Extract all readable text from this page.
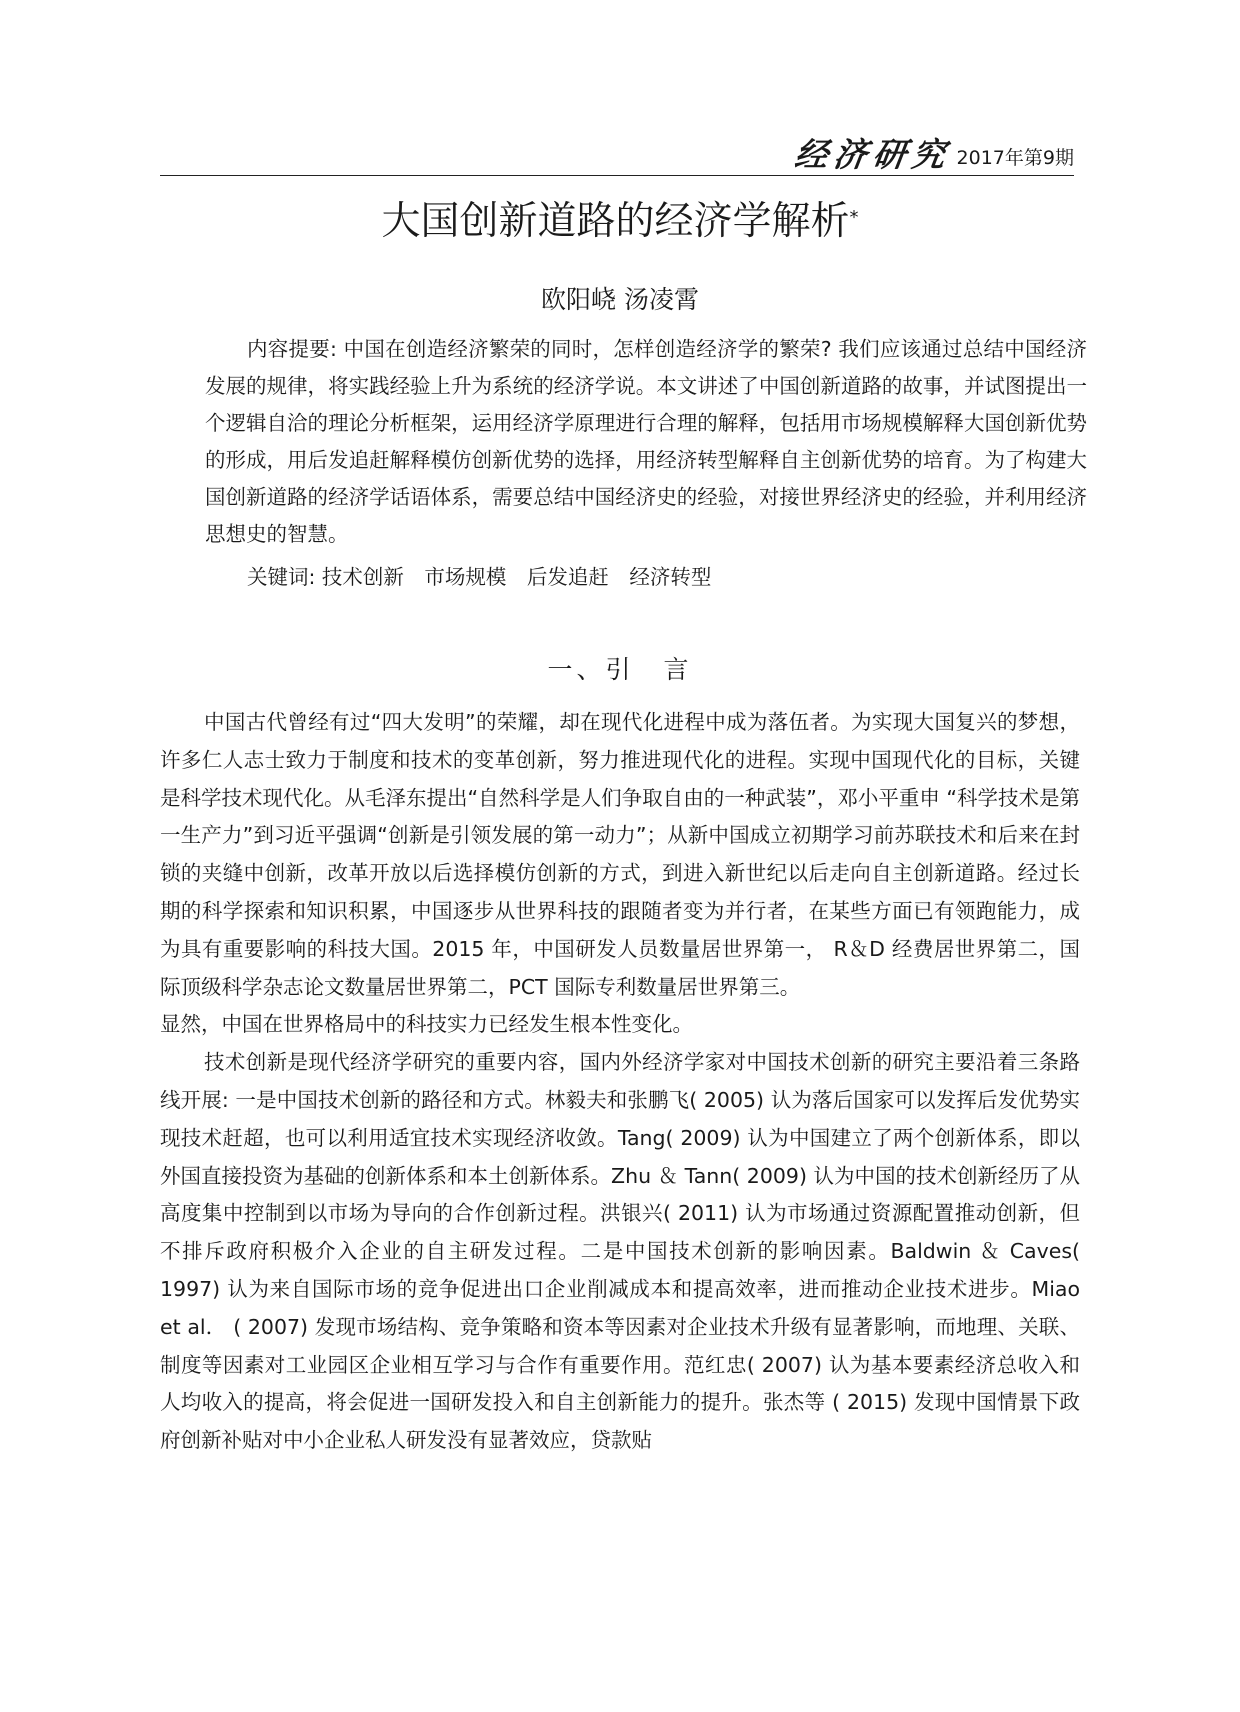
经济研究 2017年第9期
大国创新道路的经济学解析*
欧阳峣 汤凌霄

内容提要: 中国在创造经济繁荣的同时，怎样创造经济学的繁荣? 我们应该通过总结中国经济发展的规律，将实践经验上升为系统的经济学说。本文讲述了中国创新道路的故事，并试图提出一个逻辑自洽的理论分析框架，运用经济学原理进行合理的解释，包括用市场规模解释大国创新优势的形成，用后发追赶解释模仿创新优势的选择，用经济转型解释自主创新优势的培育。为了构建大国创新道路的经济学话语体系，需要总结中国经济史的经验，对接世界经济史的经验，并利用经济思想史的智慧。

关键词: 技术创新　市场规模　后发追赶　经济转型
一、引　言

中国古代曾经有过“四大发明”的荣耀，却在现代化进程中成为落伍者。为实现大国复兴的梦想，许多仁人志士致力于制度和技术的变革创新，努力推进现代化的进程。实现中国现代化的目标，关键是科学技术现代化。从毛泽东提出“自然科学是人们争取自由的一种武装”，邓小平重申 “科学技术是第一生产力”到习近平强调“创新是引领发展的第一动力”；从新中国成立初期学习前苏联技术和后来在封锁的夹缝中创新，改革开放以后选择模仿创新的方式，到进入新世纪以后走向自主创新道路。经过长期的科学探索和知识积累，中国逐步从世界科技的跟随者变为并行者，在某些方面已有领跑能力，成为具有重要影响的科技大国。2015 年，中国研发人员数量居世界第一， R＆D 经费居世界第二，国际顶级科学杂志论文数量居世界第二，PCT 国际专利数量居世界第三。

显然，中国在世界格局中的科技实力已经发生根本性变化。

技术创新是现代经济学研究的重要内容，国内外经济学家对中国技术创新的研究主要沿着三条路线开展: 一是中国技术创新的路径和方式。林毅夫和张鹏飞( 2005) 认为落后国家可以发挥后发优势实现技术赶超，也可以利用适宜技术实现经济收敛。Tang( 2009) 认为中国建立了两个创新体系，即以外国直接投资为基础的创新体系和本土创新体系。Zhu ＆ Tann( 2009) 认为中国的技术创新经历了从高度集中控制到以市场为导向的合作创新过程。洪银兴( 2011) 认为市场通过资源配置推动创新，但不排斥政府积极介入企业的自主研发过程。二是中国技术创新的影响因素。Baldwin ＆ Caves( 1997) 认为来自国际市场的竞争促进出口企业削减成本和提高效率，进而推动企业技术进步。Miao et al． ( 2007) 发现市场结构、竞争策略和资本等因素对企业技术升级有显著影响，而地理、关联、制度等因素对工业园区企业相互学习与合作有重要作用。范红忠( 2007) 认为基本要素经济总收入和人均收入的提高，将会促进一国研发投入和自主创新能力的提升。张杰等 ( 2015) 发现中国情景下政府创新补贴对中小企业私人研发没有显著效应，贷款贴
